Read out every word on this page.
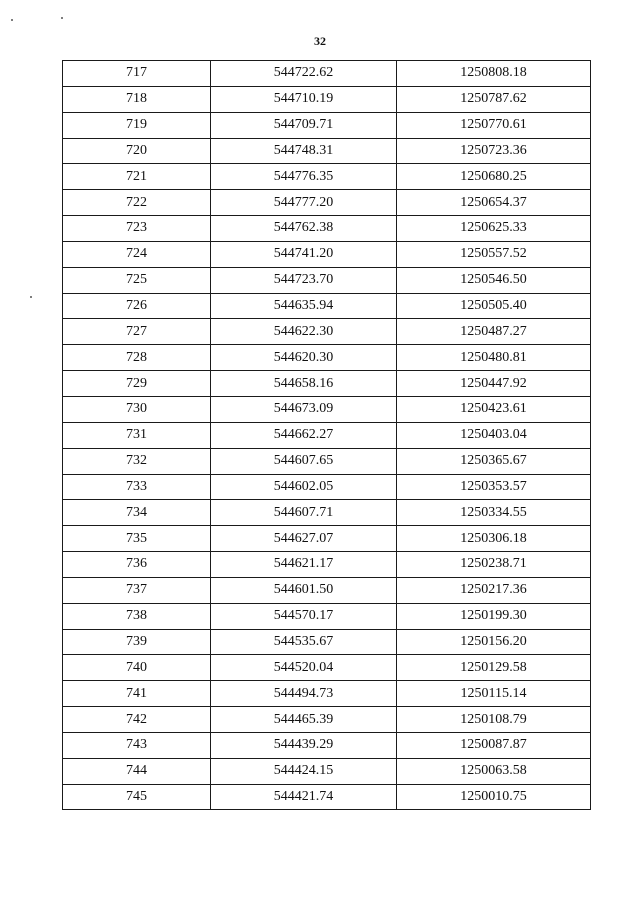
32
717	544722.62	1250808.18
718	544710.19	1250787.62
719	544709.71	1250770.61
720	544748.31	1250723.36
721	544776.35	1250680.25
722	544777.20	1250654.37
723	544762.38	1250625.33
724	544741.20	1250557.52
725	544723.70	1250546.50
726	544635.94	1250505.40
727	544622.30	1250487.27
728	544620.30	1250480.81
729	544658.16	1250447.92
730	544673.09	1250423.61
731	544662.27	1250403.04
732	544607.65	1250365.67
733	544602.05	1250353.57
734	544607.71	1250334.55
735	544627.07	1250306.18
736	544621.17	1250238.71
737	544601.50	1250217.36
738	544570.17	1250199.30
739	544535.67	1250156.20
740	544520.04	1250129.58
741	544494.73	1250115.14
742	544465.39	1250108.79
743	544439.29	1250087.87
744	544424.15	1250063.58
745	544421.74	1250010.75
